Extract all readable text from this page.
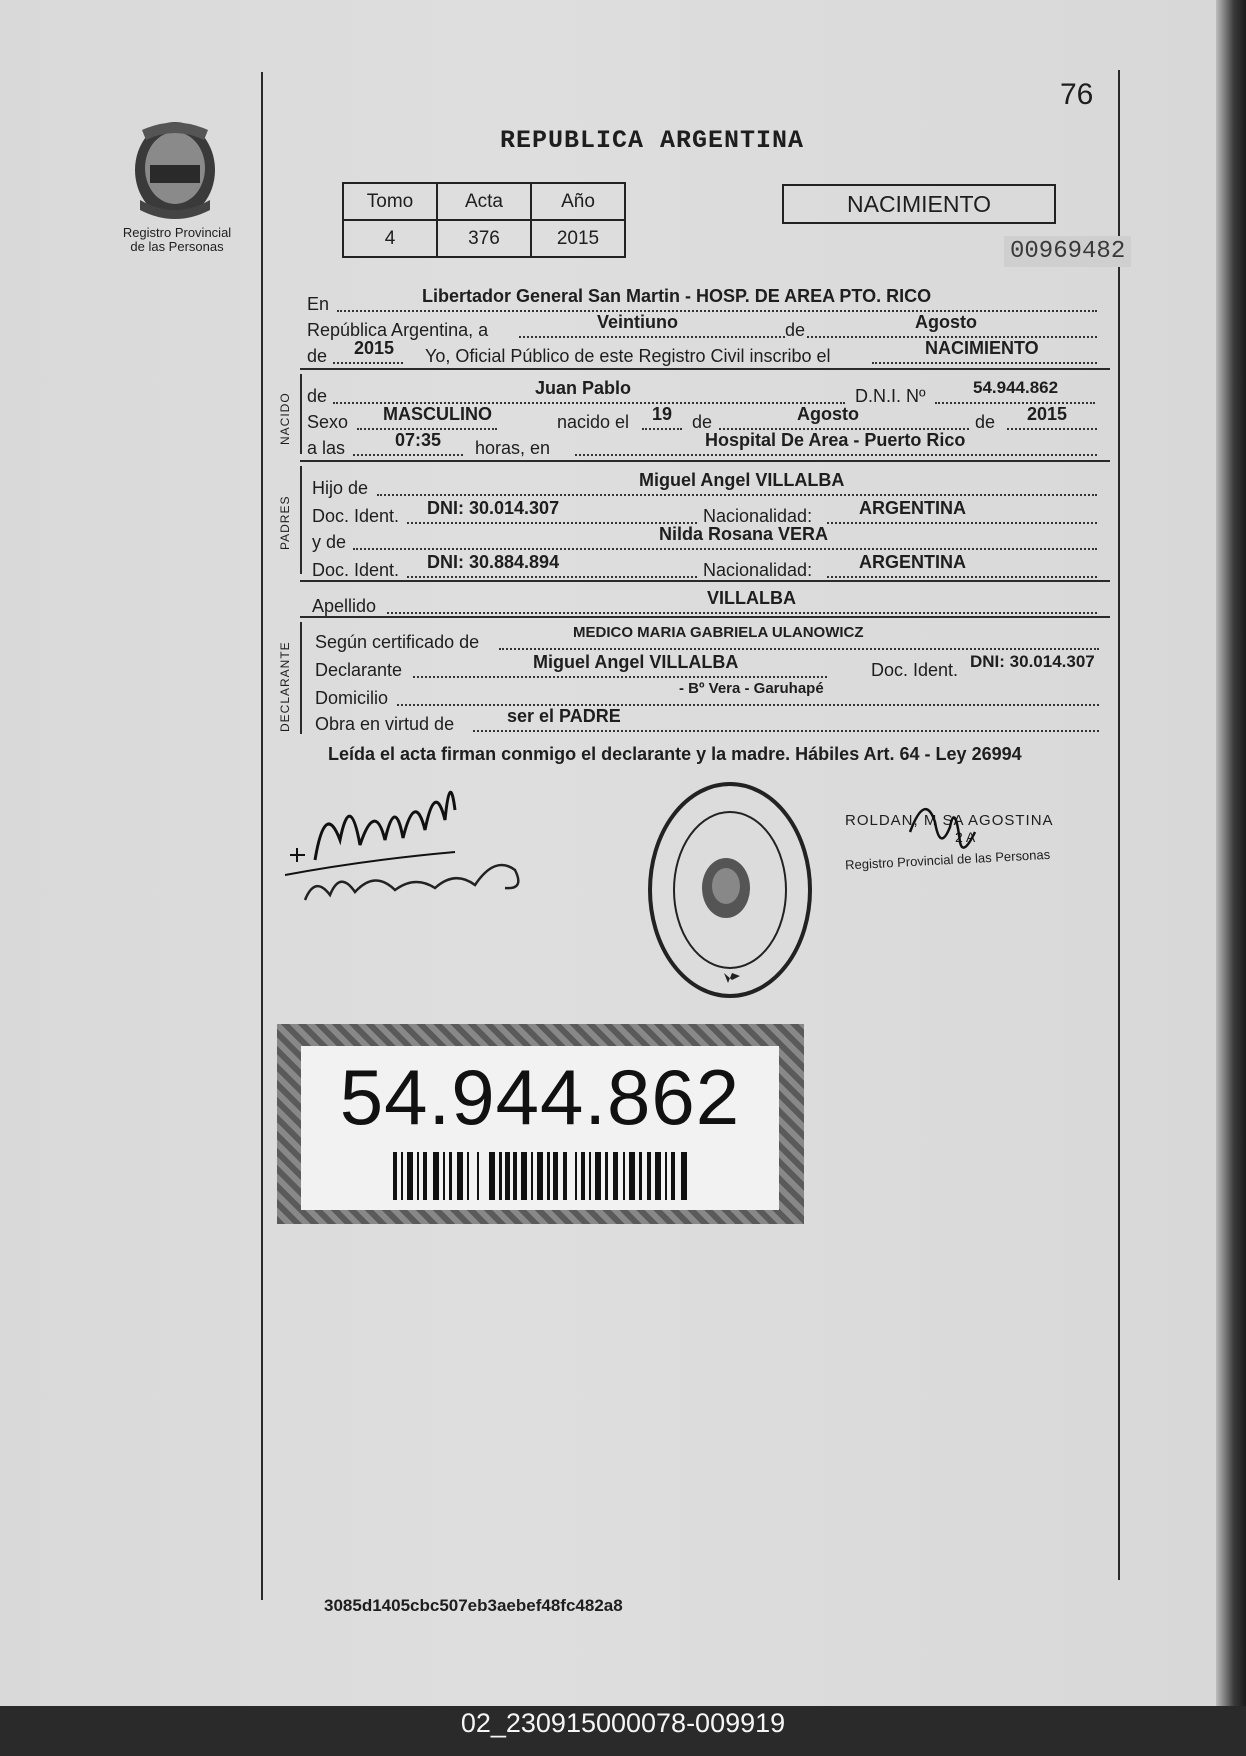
76
Registro Provincial
de las Personas
REPUBLICA ARGENTINA
Tomo	Acta	Año
4	376	2015
NACIMIENTO
00969482
En	Libertador General San Martin - HOSP. DE AREA PTO. RICO
República Argentina, a	Veintiuno	de	Agosto
de 2015 Yo, Oficial Público de este Registro Civil inscribo el	NACIMIENTO
NACIDO de	Juan Pablo	D.N.I. Nº	54.944.862
Sexo MASCULINO	nacido el 19 de	Agosto	de 2015
a las	07:35 horas, en	Hospital De Area - Puerto Rico
PADRES
Hijo de	Miguel Angel VILLALBA
Doc. Ident. DNI: 30.014.307	Nacionalidad:	ARGENTINA
y de	Nilda Rosana VERA
Doc. Ident. DNI: 30.884.894	Nacionalidad:	ARGENTINA
Apellido	VILLALBA
DECLARANTE Según certificado de	MEDICO MARIA GABRIELA ULANOWICZ
Declarante	Miguel Angel VILLALBA	Doc. Ident. DNI: 30.014.307
Domicilio	- Bº Vera - Garuhapé
Obra en virtud de	ser el PADRE
Leída el acta firman conmigo el declarante y la madre. Hábiles Art. 64 - Ley 26994
ROLDAN, M SA AGOSTINA
2 A
Registro Provincial de las Personas
54.944.862
3085d1405cbc507eb3aebef48fc482a8
02_230915000078-009919
